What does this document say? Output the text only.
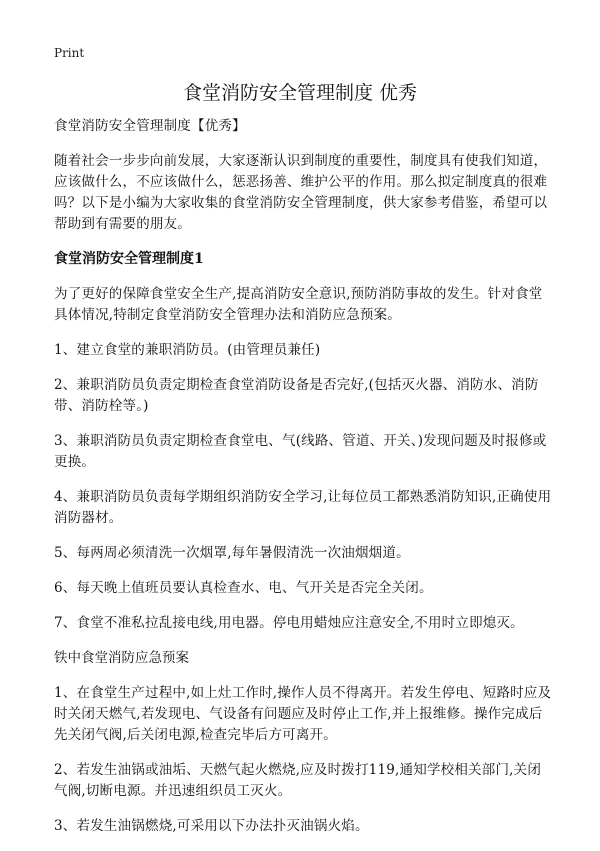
Print
食堂消防安全管理制度 优秀

食堂消防安全管理制度【优秀】

随着社会一步步向前发展，大家逐渐认识到制度的重要性，制度具有使我们知道，应该做什么，不应该做什么，惩恶扬善、维护公平的作用。那么拟定制度真的很难吗？以下是小编为大家收集的食堂消防安全管理制度，供大家参考借鉴，希望可以帮助到有需要的朋友。

食堂消防安全管理制度1

为了更好的保障食堂安全生产,提高消防安全意识,预防消防事故的发生。针对食堂具体情况,特制定食堂消防安全管理办法和消防应急预案。

1、建立食堂的兼职消防员。(由管理员兼任)

2、兼职消防员负责定期检查食堂消防设备是否完好,(包括灭火器、消防水、消防带、消防栓等。)

3、兼职消防员负责定期检查食堂电、气(线路、管道、开关、)发现问题及时报修或更换。

4、兼职消防员负责每学期组织消防安全学习,让每位员工都熟悉消防知识,正确使用消防器材。

5、每两周必须清洗一次烟罩,每年暑假清洗一次油烟烟道。

6、每天晚上值班员要认真检查水、电、气开关是否完全关闭。

7、食堂不准私拉乱接电线,用电器。停电用蜡烛应注意安全,不用时立即熄灭。

铁中食堂消防应急预案

1、在食堂生产过程中,如上灶工作时,操作人员不得离开。若发生停电、短路时应及时关闭天燃气,若发现电、气设备有问题应及时停止工作,并上报维修。操作完成后先关闭气阀,后关闭电源,检查完毕后方可离开。

2、若发生油锅或油垢、天燃气起火燃烧,应及时拨打119,通知学校相关部门,关闭气阀,切断电源。并迅速组织员工灭火。

3、若发生油锅燃烧,可采用以下办法扑灭油锅火焰。
